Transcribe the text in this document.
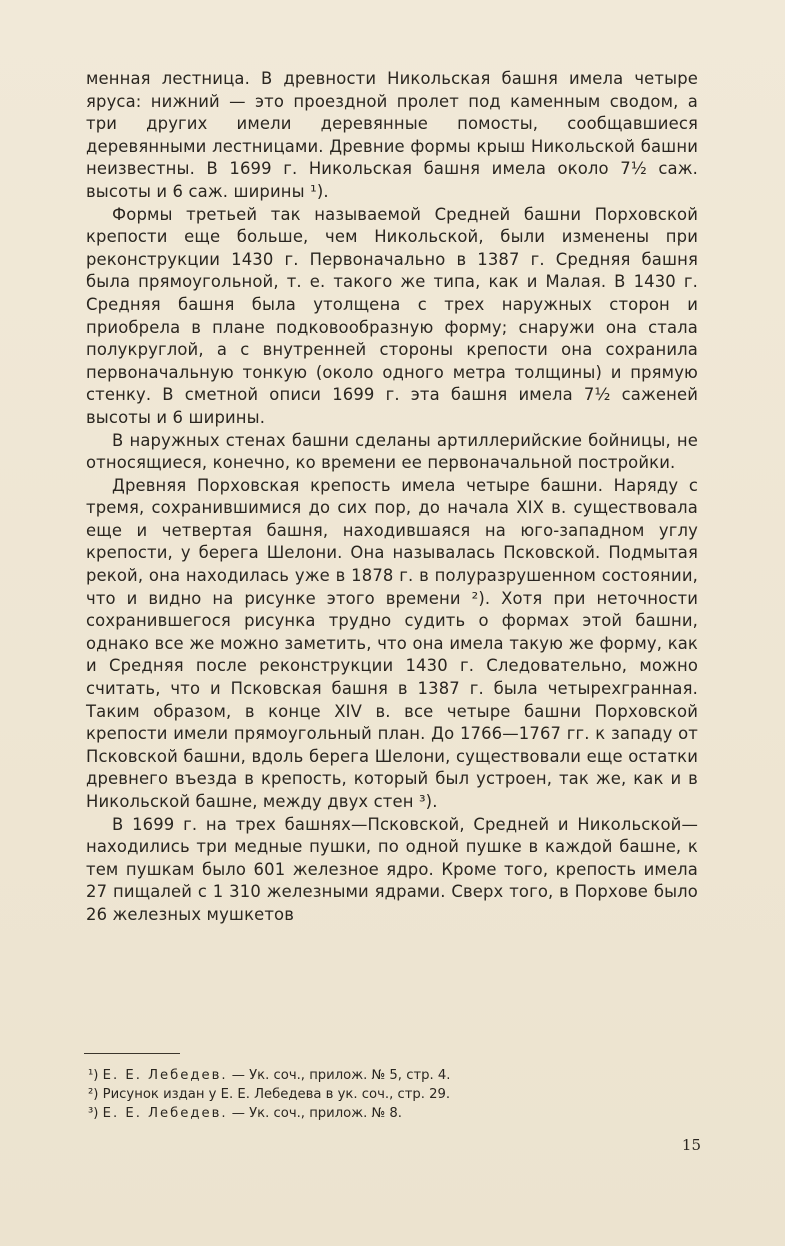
менная лестница. В древности Никольская башня имела четыре яруса: нижний — это проездной пролет под каменным сводом, а три других имели деревянные помосты, сообщавшиеся деревянными лестницами. Древние формы крыш Никольской башни неизвестны. В 1699 г. Никольская башня имела около 7½ саж. высоты и 6 саж. ширины ¹).

Формы третьей так называемой Средней башни Порховской крепости еще больше, чем Никольской, были изменены при реконструкции 1430 г. Первоначально в 1387 г. Средняя башня была прямоугольной, т. е. такого же типа, как и Малая. В 1430 г. Средняя башня была утолщена с трех наружных сторон и приобрела в плане подковообразную форму; снаружи она стала полукруглой, а с внутренней стороны крепости она сохранила первоначальную тонкую (около одного метра толщины) и прямую стенку. В сметной описи 1699 г. эта башня имела 7½ саженей высоты и 6 ширины.

В наружных стенах башни сделаны артиллерийские бойницы, не относящиеся, конечно, ко времени ее первоначальной постройки.

Древняя Порховская крепость имела четыре башни. Наряду с тремя, сохранившимися до сих пор, до начала XIX в. существовала еще и четвертая башня, находившаяся на юго-западном углу крепости, у берега Шелони. Она называлась Псковской. Подмытая рекой, она находилась уже в 1878 г. в полуразрушенном состоянии, что и видно на рисунке этого времени ²). Хотя при неточности сохранившегося рисунка трудно судить о формах этой башни, однако все же можно заметить, что она имела такую же форму, как и Средняя после реконструкции 1430 г. Следовательно, можно считать, что и Псковская башня в 1387 г. была четырехгранная. Таким образом, в конце XIV в. все четыре башни Порховской крепости имели прямоугольный план. До 1766—1767 гг. к западу от Псковской башни, вдоль берега Шелони, существовали еще остатки древнего въезда в крепость, который был устроен, так же, как и в Никольской башне, между двух стен ³).

В 1699 г. на трех башнях—Псковской, Средней и Никольской—находились три медные пушки, по одной пушке в каждой башне, к тем пушкам было 601 железное ядро. Кроме того, крепость имела 27 пищалей с 1 310 железными ядрами. Сверх того, в Порхове было 26 железных мушкетов

¹) Е. Е. Лебедев. — Ук. соч., прилож. № 5, стр. 4.
²) Рисунок издан у Е. Е. Лебедева в ук. соч., стр. 29.
³) Е. Е. Лебедев. — Ук. соч., прилож. № 8.
15
